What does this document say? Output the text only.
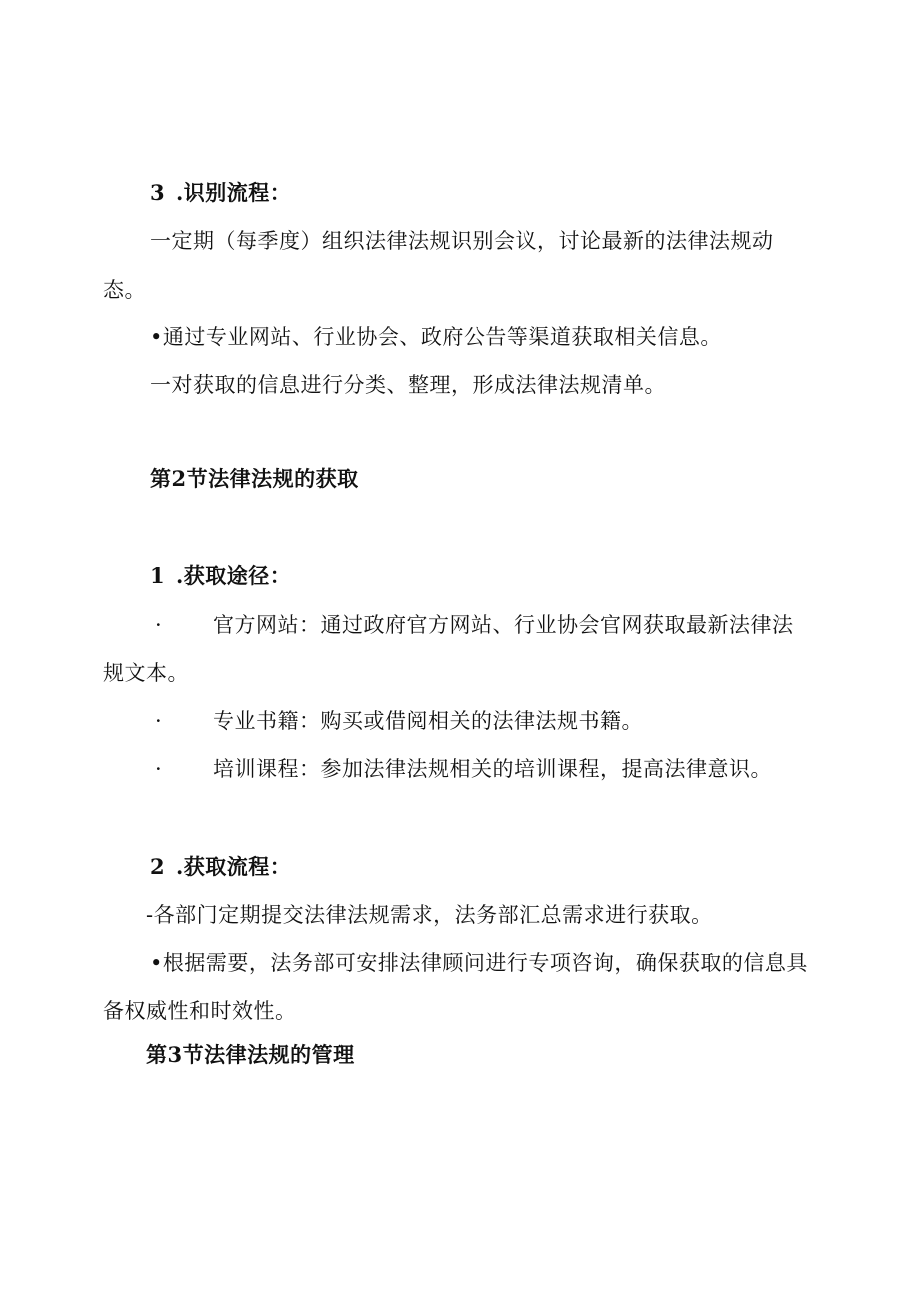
3 .识别流程：
一定期（每季度）组织法律法规识别会议，讨论最新的法律法规动
态。
•通过专业网站、行业协会、政府公告等渠道获取相关信息。
一对获取的信息进行分类、整理，形成法律法规清单。
第2节法律法规的获取
1 .获取途径：
· 官方网站：通过政府官方网站、行业协会官网获取最新法律法
规文本。
· 专业书籍：购买或借阅相关的法律法规书籍。
· 培训课程：参加法律法规相关的培训课程，提高法律意识。
2 .获取流程：
-各部门定期提交法律法规需求，法务部汇总需求进行获取。
•根据需要，法务部可安排法律顾问进行专项咨询，确保获取的信息具
备权威性和时效性。
第3节法律法规的管理
